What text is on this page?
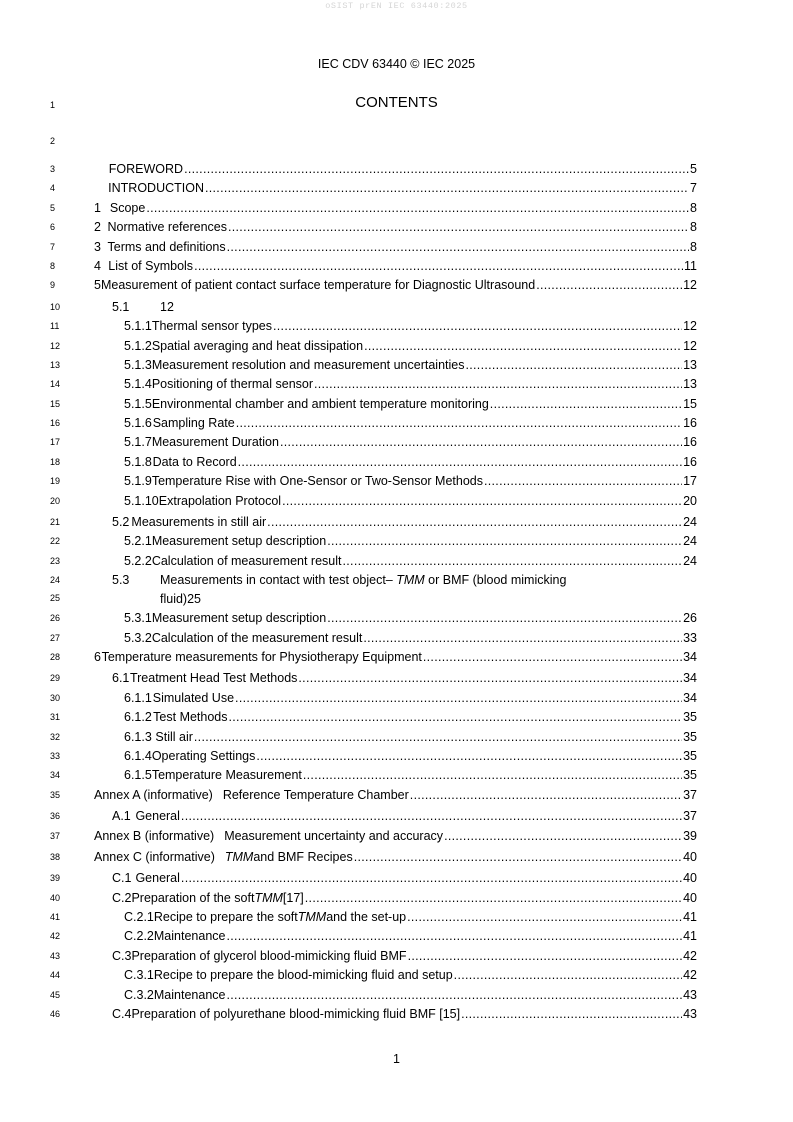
oSIST prEN IEC 63440:2025
IEC CDV 63440 © IEC 2025
1	CONTENTS
2
3	FOREWORD .....	5
4	INTRODUCTION .....	7
5	1 Scope .....	8
6	2 Normative references .....	8
7	3 Terms and definitions .....	8
8	4 List of Symbols .....	11
9	5 Measurement of patient contact surface temperature for Diagnostic Ultrasound .....	12
10	5.1	12
11	5.1.1 Thermal sensor types .....	12
12	5.1.2 Spatial averaging and heat dissipation .....	12
13	5.1.3 Measurement resolution and measurement uncertainties .....	13
14	5.1.4 Positioning of thermal sensor .....	13
15	5.1.5 Environmental chamber and ambient temperature monitoring .....	15
16	5.1.6 Sampling Rate .....	16
17	5.1.7 Measurement Duration .....	16
18	5.1.8 Data to Record .....	16
19	5.1.9 Temperature Rise with One-Sensor or Two-Sensor Methods .....	17
20	5.1.10 Extrapolation Protocol .....	20
21	5.2 Measurements in still air .....	24
22	5.2.1 Measurement setup description .....	24
23	5.2.2 Calculation of measurement result .....	24
24	5.3 Measurements in contact with test object– TMM or BMF (blood mimicking
25	fluid) 25
26	5.3.1 Measurement setup description .....	26
27	5.3.2 Calculation of the measurement result .....	33
28	6 Temperature measurements for Physiotherapy Equipment .....	34
29	6.1 Treatment Head Test Methods .....	34
30	6.1.1 Simulated Use .....	34
31	6.1.2 Test Methods .....	35
32	6.1.3 Still air .....	35
33	6.1.4 Operating Settings .....	35
34	6.1.5 Temperature Measurement .....	35
35	Annex A (informative) Reference Temperature Chamber .....	37
36	A.1 General .....	37
37	Annex B (informative) Measurement uncertainty and accuracy .....	39
38	Annex C (informative) TMM and BMF Recipes .....	40
39	C.1 General .....	40
40	C.2 Preparation of the soft TMM [17] .....	40
41	C.2.1 Recipe to prepare the soft TMM and the set-up .....	41
42	C.2.2 Maintenance .....	41
43	C.3 Preparation of glycerol blood-mimicking fluid BMF .....	42
44	C.3.1 Recipe to prepare the blood-mimicking fluid and setup .....	42
45	C.3.2 Maintenance .....	43
46	C.4 Preparation of polyurethane blood-mimicking fluid BMF [15] .....	43
1
